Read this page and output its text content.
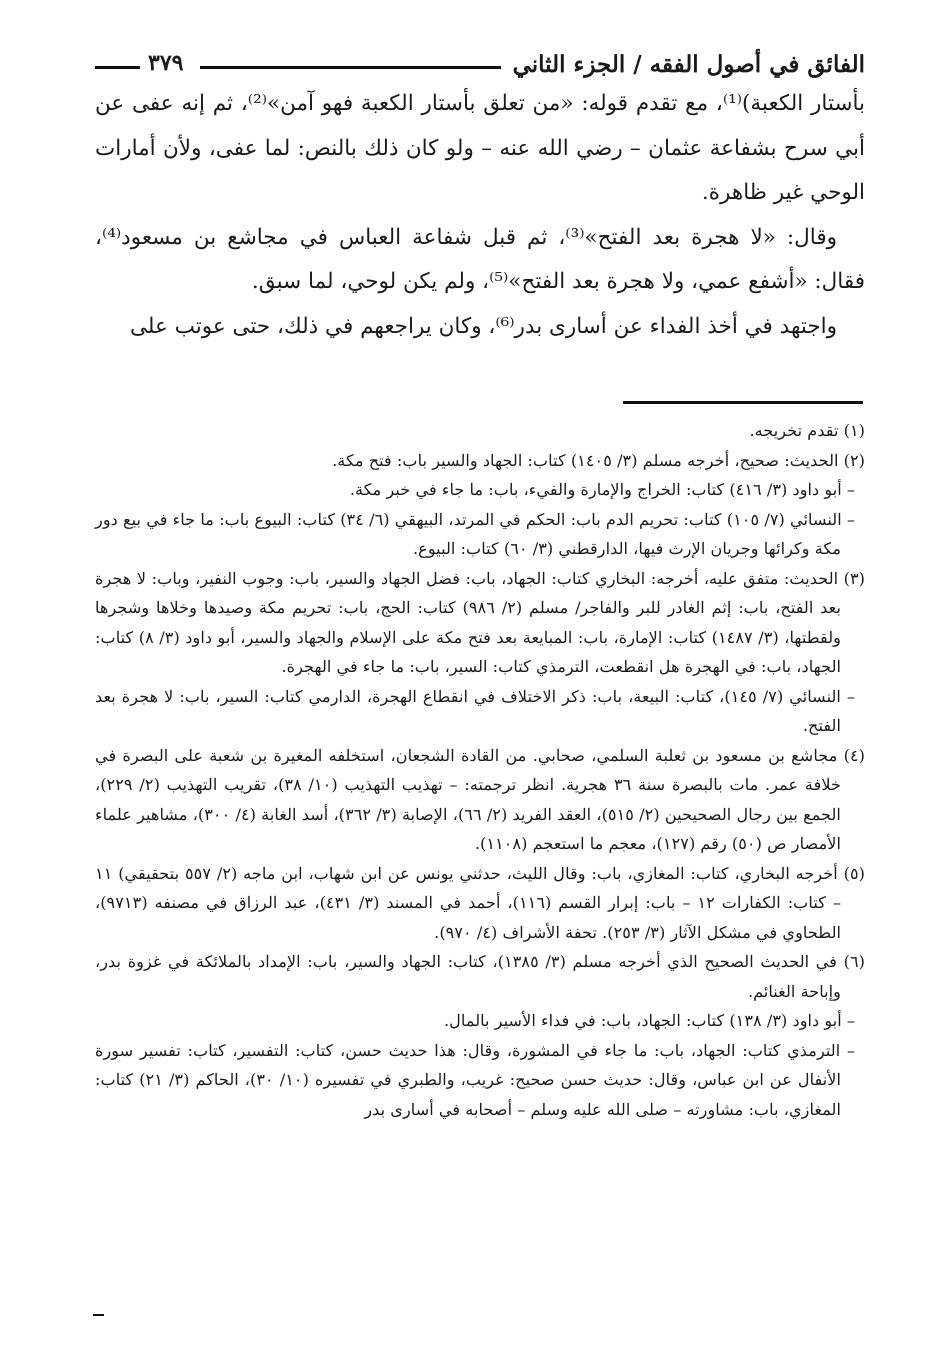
الفائق في أصول الفقه / الجزء الثاني
٣٧٩

بأستار الكعبة)⁽¹⁾، مع تقدم قوله: «من تعلق بأستار الكعبة فهو آمن»⁽²⁾، ثم إنه عفى عن أبي سرح بشفاعة عثمان – رضي الله عنه – ولو كان ذلك بالنص: لما عفى، ولأن أمارات الوحي غير ظاهرة.

وقال: «لا هجرة بعد الفتح»⁽³⁾، ثم قبل شفاعة العباس في مجاشع بن مسعود⁽⁴⁾، فقال: «أشفع عمي، ولا هجرة بعد الفتح»⁽⁵⁾، ولم يكن لوحي، لما سبق.

واجتهد في أخذ الفداء عن أسارى بدر⁽⁶⁾، وكان يراجعهم في ذلك، حتى عوتب على

(١) تقدم تخريجه.

(٢) الحديث: صحيح، أخرجه مسلم (٣/ ١٤٠٥) كتاب: الجهاد والسير باب: فتح مكة.

– أبو داود (٣/ ٤١٦) كتاب: الخراج والإمارة والفيء، باب: ما جاء في خبر مكة.

– النسائي (٧/ ١٠٥) كتاب: تحريم الدم باب: الحكم في المرتد، البيهقي (٦/ ٣٤) كتاب: البيوع باب: ما جاء في بيع دور مكة وكرائها وجريان الإرث فيها، الدارقطني (٣/ ٦٠) كتاب: البيوع.

(٣) الحديث: متفق عليه، أخرجه: البخاري كتاب: الجهاد، باب: فضل الجهاد والسير، باب: وجوب النفير، وباب: لا هجرة بعد الفتح، باب: إثم الغادر للبر والفاجر/ مسلم (٢/ ٩٨٦) كتاب: الحج، باب: تحريم مكة وصيدها وخلاها وشجرها ولقطتها، (٣/ ١٤٨٧) كتاب: الإمارة، باب: المبايعة بعد فتح مكة على الإسلام والجهاد والسير، أبو داود (٣/ ٨) كتاب: الجهاد، باب: في الهجرة هل انقطعت، الترمذي كتاب: السير، باب: ما جاء في الهجرة.

– النسائي (٧/ ١٤٥)، كتاب: البيعة، باب: ذكر الاختلاف في انقطاع الهجرة، الدارمي كتاب: السير، باب: لا هجرة بعد الفتح.

(٤) مجاشع بن مسعود بن ثعلبة السلمي، صحابي. من القادة الشجعان، استخلفه المغيرة بن شعبة على البصرة في خلافة عمر. مات بالبصرة سنة ٣٦ هجرية. انظر ترجمته: – تهذيب التهذيب (١٠/ ٣٨)، تقريب التهذيب (٢/ ٢٢٩)، الجمع بين رجال الصحيحين (٢/ ٥١٥)، العقد الفريد (٢/ ٦٦)، الإصابة (٣/ ٣٦٢)، أسد الغابة (٤/ ٣٠٠)، مشاهير علماء الأمصار ص (٥٠) رقم (١٢٧)، معجم ما استعجم (١١٠٨).

(٥) أخرجه البخاري، كتاب: المغازي، باب: وقال الليث، حدثني يونس عن ابن شهاب، ابن ماجه (٢/ ٥٥٧ بتحقيقي) ١١ – كتاب: الكفارات ١٢ – باب: إبرار القسم (١١٦)، أحمد في المسند (٣/ ٤٣١)، عبد الرزاق في مصنفه (٩٧١٣)، الطحاوي في مشكل الآثار (٣/ ٢٥٣). تحفة الأشراف (٤/ ٩٧٠).

(٦) في الحديث الصحيح الذي أخرجه مسلم (٣/ ١٣٨٥)، كتاب: الجهاد والسير، باب: الإمداد بالملائكة في غزوة بدر، وإباحة الغنائم.

– أبو داود (٣/ ١٣٨) كتاب: الجهاد، باب: في فداء الأسير بالمال.

– الترمذي كتاب: الجهاد، باب: ما جاء في المشورة، وقال: هذا حديث حسن، كتاب: التفسير، كتاب: تفسير سورة الأنفال عن ابن عباس، وقال: حديث حسن صحيح: غريب، والطبري في تفسيره (١٠/ ٣٠)، الحاكم (٣/ ٢١) كتاب: المغازي، باب: مشاورته – صلى الله عليه وسلم – أصحابه في أسارى بدر
